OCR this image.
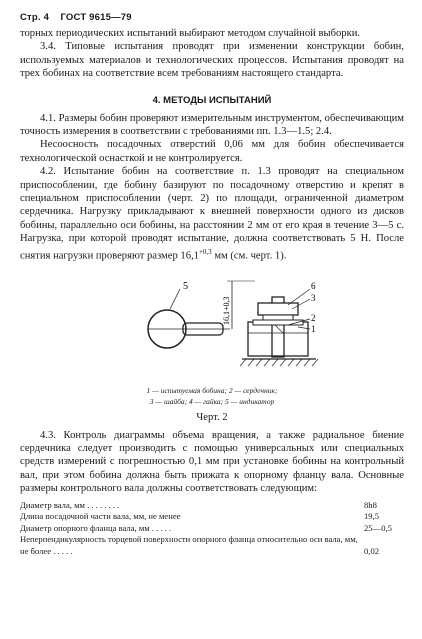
Стр. 4 ГОСТ 9615—79

торных периодических испытаний выбирают методом случайной выборки.

3.4. Типовые испытания проводят при изменении конструкции бобин, используемых материалов и технологических процессов. Испытания проводят на трех бобинах на соответствие всем требованиям настоящего стандарта.

4. МЕТОДЫ ИСПЫТАНИЙ

4.1. Размеры бобин проверяют измерительным инструментом, обеспечивающим точность измерения в соответствии с требованиями пп. 1.3—1.5; 2.4.

Несоосность посадочных отверстий 0,06 мм для бобин обеспечивается технологической оснасткой и не контролируется.

4.2. Испытание бобин на соответствие п. 1.3 проводят на специальном приспособлении, где бобину базируют по посадочному отверстию и крепят в специальном приспособлении (черт. 2) по площади, ограниченной диаметром сердечника. Нагрузку прикладывают к внешней поверхности одного из дисков бобины, параллельно оси бобины, на расстоянии 2 мм от его края в течение 3—5 с. Нагрузка, при которой проводят испытание, должна соответствовать 5 Н. После снятия нагрузки проверяют размер $16,1^{+0,3}$ мм (см. черт. 1).

5
16,1+0,3
6
3
2
1
1 — испытуемая бобина; 2 — сердечник;
3 — шайба; 4 — гайка; 5 — индикатор
Черт. 2

4.3. Контроль диаграммы объема вращения, а также радиальное биение сердечника следует производить с помощью универсальных или специальных средств измерений с погрешностью 0,1 мм при установке бобины на контрольный вал, при этом бобина должна быть прижата к опорному фланцу вала. Основные размеры контрольного вала должны соответствовать следующим:

Диаметр вала, мм . . . . . . . .	8h8
Длина посадочной части вала, мм, не менее	19,5
Диаметр опорного фланца вала, мм . . . . .	25—0,5
Неперпендикулярность торцевой поверхности опорного фланца относительно оси вала, мм, не более . . . . .	0,02
